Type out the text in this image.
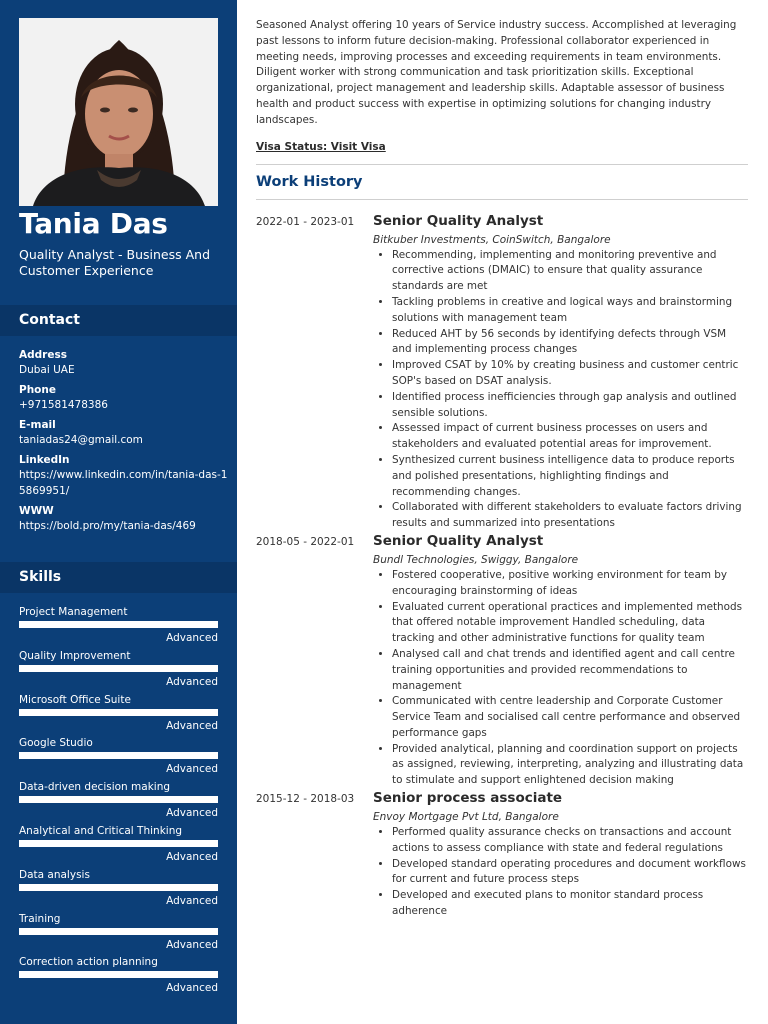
Tania Das
Quality Analyst - Business And Customer Experience
Contact
Address
Dubai UAE
Phone
+971581478386
E-mail
taniadas24@gmail.com
LinkedIn
https://www.linkedin.com/in/tania-das-15869951/
WWW
https://bold.pro/my/tania-das/469
Skills
Project Management
Advanced
Quality Improvement
Advanced
Microsoft Office Suite
Advanced
Google Studio
Advanced
Data-driven decision making
Advanced
Analytical and Critical Thinking
Advanced
Data analysis
Advanced
Training
Advanced
Correction action planning
Advanced

Seasoned Analyst offering 10 years of Service industry success. Accomplished at leveraging past lessons to inform future decision-making. Professional collaborator experienced in meeting needs, improving processes and exceeding requirements in team environments. Diligent worker with strong communication and task prioritization skills. Exceptional organizational, project management and leadership skills. Adaptable assessor of business health and product success with expertise in optimizing solutions for changing industry landscapes.

Visa Status: Visit Visa
Work History
2022-01 - 2023-01	Senior Quality Analyst
Bitkuber Investments, CoinSwitch, Bangalore
• Recommending, implementing and monitoring preventive and corrective actions (DMAIC) to ensure that quality assurance standards are met
• Tackling problems in creative and logical ways and brainstorming solutions with management team
• Reduced AHT by 56 seconds by identifying defects through VSM and implementing process changes
• Improved CSAT by 10% by creating business and customer centric SOP's based on DSAT analysis.
• Identified process inefficiencies through gap analysis and outlined sensible solutions.
• Assessed impact of current business processes on users and stakeholders and evaluated potential areas for improvement.
• Synthesized current business intelligence data to produce reports and polished presentations, highlighting findings and recommending changes.
• Collaborated with different stakeholders to evaluate factors driving results and summarized into presentations
2018-05 - 2022-01	Senior Quality Analyst
Bundl Technologies, Swiggy, Bangalore
• Fostered cooperative, positive working environment for team by encouraging brainstorming of ideas
• Evaluated current operational practices and implemented methods that offered notable improvement Handled scheduling, data tracking and other administrative functions for quality team
• Analysed call and chat trends and identified agent and call centre training opportunities and provided recommendations to management
• Communicated with centre leadership and Corporate Customer Service Team and socialised call centre performance and observed performance gaps
• Provided analytical, planning and coordination support on projects as assigned, reviewing, interpreting, analyzing and illustrating data to stimulate and support enlightened decision making
2015-12 - 2018-03	Senior process associate
Envoy Mortgage Pvt Ltd, Bangalore
• Performed quality assurance checks on transactions and account actions to assess compliance with state and federal regulations
• Developed standard operating procedures and document workflows for current and future process steps
• Developed and executed plans to monitor standard process adherence
